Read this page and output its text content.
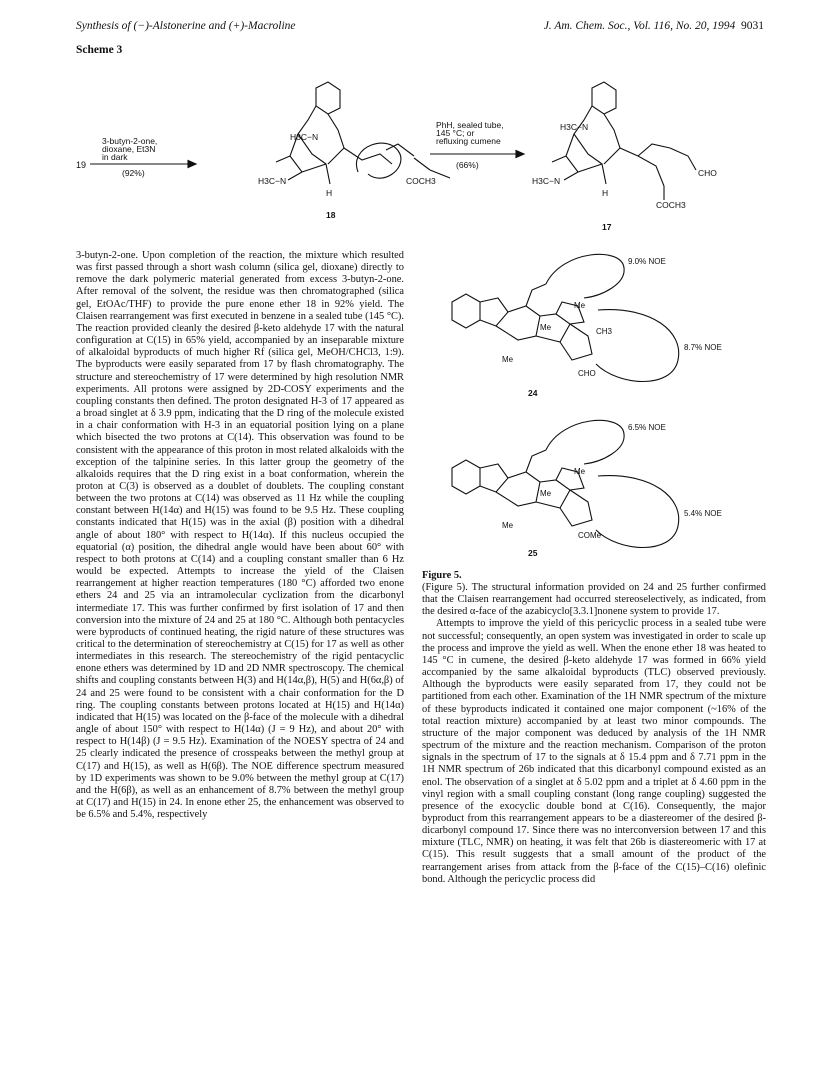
Synthesis of (−)-Alstonerine and (+)-Macroline	J. Am. Chem. Soc., Vol. 116, No. 20, 1994 9031
Scheme 3
19
3-butyn-2-one,
dioxane, Et3N
in dark
(92%)
H3C−N
H3C−N	COCH3
H
18
PhH, sealed tube,
145 °C; or
refluxing cumene
(66%)
H3C−N
H3C−N
CHO
COCH3
H
17
9.0% NOE
8.7% NOE
CH3
CHO
Me
Me
Me
24
6.5% NOE
5.4% NOE
COMe
Me
Me
Me
25
Figure 5.

3-butyn-2-one. Upon completion of the reaction, the mixture which resulted was first passed through a short wash column (silica gel, dioxane) directly to remove the dark polymeric material generated from excess 3-butyn-2-one. After removal of the solvent, the residue was then chromatographed (silica gel, EtOAc/THF) to provide the pure enone ether 18 in 92% yield. The Claisen rearrangement was first executed in benzene in a sealed tube (145 °C). The reaction provided cleanly the desired β-keto aldehyde 17 with the natural configuration at C(15) in 65% yield, accompanied by an inseparable mixture of alkaloidal byproducts of much higher Rf (silica gel, MeOH/CHCl3, 1:9). The byproducts were easily separated from 17 by flash chromatography. The structure and stereochemistry of 17 were determined by high resolution NMR experiments. All protons were assigned by 2D-COSY experiments and the coupling constants then defined. The proton designated H-3 of 17 appeared as a broad singlet at δ 3.9 ppm, indicating that the D ring of the molecule existed in a chair conformation with H-3 in an equatorial position lying on a plane which bisected the two protons at C(14). This observation was found to be consistent with the appearance of this proton in most related alkaloids with the exception of the talpinine series. In this latter group the geometry of the alkaloids requires that the D ring exist in a boat conformation, wherein the proton at C(3) is observed as a doublet of doublets. The coupling constant between the two protons at C(14) was observed as 11 Hz while the coupling constant between H(14α) and H(15) was found to be 9.5 Hz. These coupling constants indicated that H(15) was in the axial (β) position with a dihedral angle of about 180° with respect to H(14α). If this nucleus occupied the equatorial (α) position, the dihedral angle would have been about 60° with respect to both protons at C(14) and a coupling constant smaller than 6 Hz would be expected. Attempts to increase the yield of the Claisen rearrangement at higher reaction temperatures (180 °C) afforded two enone ethers 24 and 25 via an intramolecular cyclization from the dicarbonyl intermediate 17. This was further confirmed by first isolation of 17 and then conversion into the mixture of 24 and 25 at 180 °C. Although both pentacycles were byproducts of continued heating, the rigid nature of these structures was critical to the determination of stereochemistry at C(15) for 17 as well as other intermediates in this research. The stereochemistry of the rigid pentacyclic enone ethers was determined by 1D and 2D NMR spectroscopy. The chemical shifts and coupling constants between H(3) and H(14α,β), H(5) and H(6α,β) of 24 and 25 were found to be consistent with a chair conformation for the D ring. The coupling constants between protons located at H(15) and H(14α) indicated that H(15) was located on the β-face of the molecule with a dihedral angle of about 150° with respect to H(14α) (J = 9 Hz), and about 20° with respect to H(14β) (J = 9.5 Hz). Examination of the NOESY spectra of 24 and 25 clearly indicated the presence of crosspeaks between the methyl group at C(17) and H(15), as well as H(6β). The NOE difference spectrum measured by 1D experiments was shown to be 9.0% between the methyl group at C(17) and the H(6β), as well as an enhancement of 8.7% between the methyl group at C(17) and H(15) in 24. In enone ether 25, the enhancement was observed to be 6.5% and 5.4%, respectively

(Figure 5). The structural information provided on 24 and 25 further confirmed that the Claisen rearrangement had occurred stereoselectively, as indicated, from the desired α-face of the azabicyclo[3.3.1]nonene system to provide 17.

Attempts to improve the yield of this pericyclic process in a sealed tube were not successful; consequently, an open system was investigated in order to scale up the process and improve the yield as well. When the enone ether 18 was heated to 145 °C in cumene, the desired β-keto aldehyde 17 was formed in 66% yield accompanied by the same alkaloidal byproducts (TLC) observed previously. Although the byproducts were easily separated from 17, they could not be partitioned from each other. Examination of the 1H NMR spectrum of the mixture of these byproducts indicated it contained one major component (~16% of the total reaction mixture) accompanied by at least two minor compounds. The structure of the major component was deduced by analysis of the 1H NMR spectrum of the mixture and the reaction mechanism. Comparison of the proton signals in the spectrum of 17 to the signals at δ 15.4 ppm and δ 7.71 ppm in the 1H NMR spectrum of 26b indicated that this dicarbonyl compound existed as an enol. The observation of a singlet at δ 5.02 ppm and a triplet at δ 4.60 ppm in the vinyl region with a small coupling constant (long range coupling) suggested the presence of the exocyclic double bond at C(16). Consequently, the major byproduct from this rearrangement appears to be a diastereomer of the desired β-dicarbonyl compound 17. Since there was no interconversion between 17 and this mixture (TLC, NMR) on heating, it was felt that 26b is diastereomeric with 17 at C(15). This result suggests that a small amount of the product of the rearrangement arises from attack from the β-face of the C(15)–C(16) olefinic bond. Although the pericyclic process did
